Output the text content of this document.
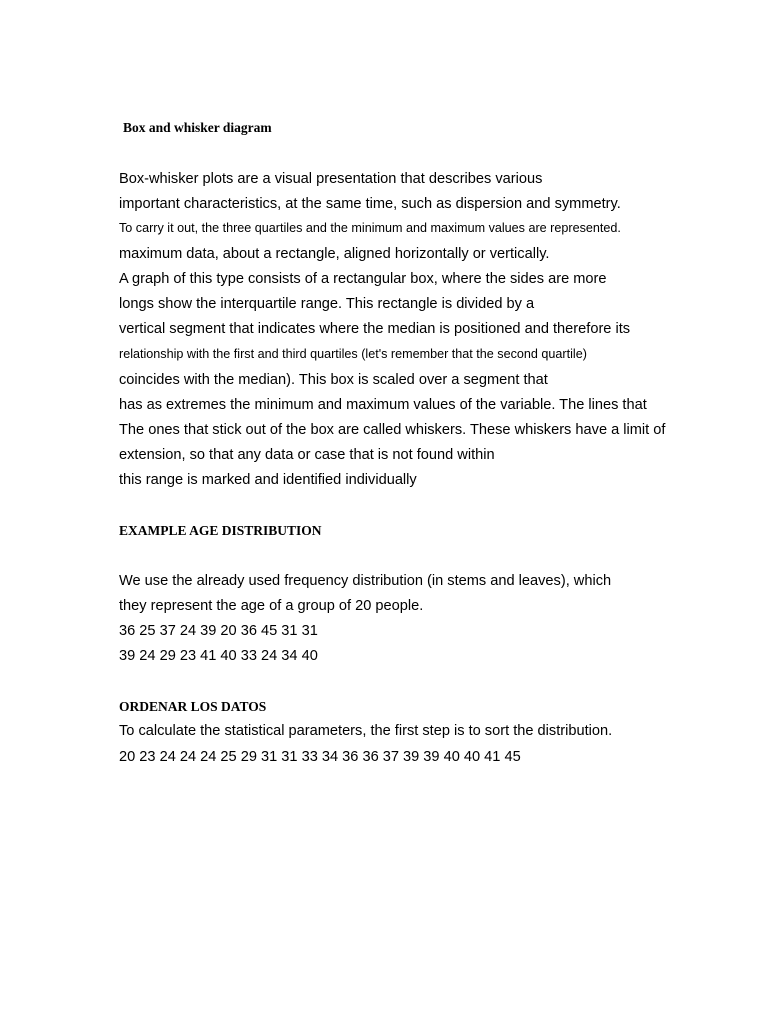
Box and whisker diagram

Box-whisker plots are a visual presentation that describes various

important characteristics, at the same time, such as dispersion and symmetry.

To carry it out, the three quartiles and the minimum and maximum values are represented.

maximum data, about a rectangle, aligned horizontally or vertically.

A graph of this type consists of a rectangular box, where the sides are more

longs show the interquartile range. This rectangle is divided by a

vertical segment that indicates where the median is positioned and therefore its

relationship with the first and third quartiles (let's remember that the second quartile)

coincides with the median). This box is scaled over a segment that

has as extremes the minimum and maximum values of the variable. The lines that

The ones that stick out of the box are called whiskers. These whiskers have a limit of

extension, so that any data or case that is not found within

this range is marked and identified individually

EXAMPLE AGE DISTRIBUTION

We use the already used frequency distribution (in stems and leaves), which

they represent the age of a group of 20 people.

36 25 37 24 39 20 36 45 31 31

39 24 29 23 41 40 33 24 34 40

ORDENAR LOS DATOS

To calculate the statistical parameters, the first step is to sort the distribution.

20 23 24 24 24 25 29 31 31 33 34 36 36 37 39 39 40 40 41 45
